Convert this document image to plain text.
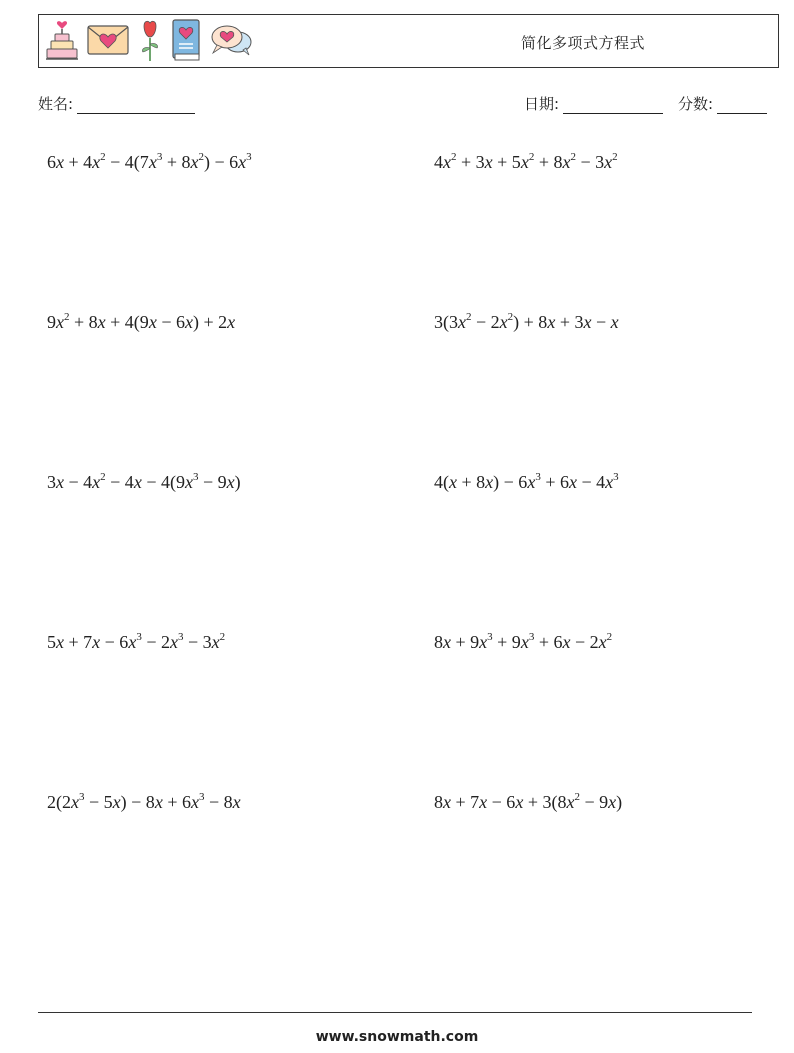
简化多项式方程式
姓名:	日期:	分数:
$6x + 4x^2 - 4(7x^3 + 8x^2) - 6x^3$	$4x^2 + 3x + 5x^2 + 8x^2 - 3x^2$
$9x^2 + 8x + 4(9x - 6x) + 2x$	$3(3x^2 - 2x^2) + 8x + 3x - x$
$3x - 4x^2 - 4x - 4(9x^3 - 9x)$	$4(x + 8x) - 6x^3 + 6x - 4x^3$
$5x + 7x - 6x^3 - 2x^3 - 3x^2$	$8x + 9x^3 + 9x^3 + 6x - 2x^2$
$2(2x^3 - 5x) - 8x + 6x^3 - 8x$	$8x + 7x - 6x + 3(8x^2 - 9x)$
www.snowmath.com
